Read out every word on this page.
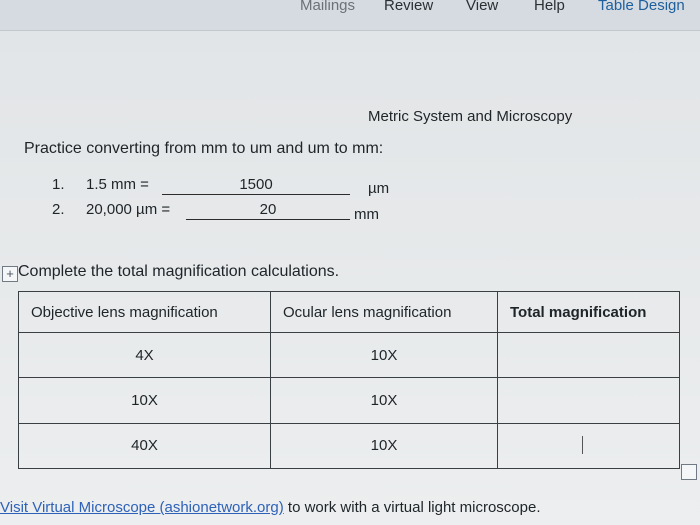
Mailings Review View Help Table Design
Metric System and Microscopy
Practice converting from mm to um and um to mm:
1. 1.5 mm =	1500	µm
2. 20,000 µm =	20	mm
+ Complete the total magnification calculations.
Objective lens magnification	Ocular lens magnification	Total magnification
4X	10X	
10X	10X	
40X	10X	
Visit Virtual Microscope (ashionetwork.org) to work with a virtual light microscope.
